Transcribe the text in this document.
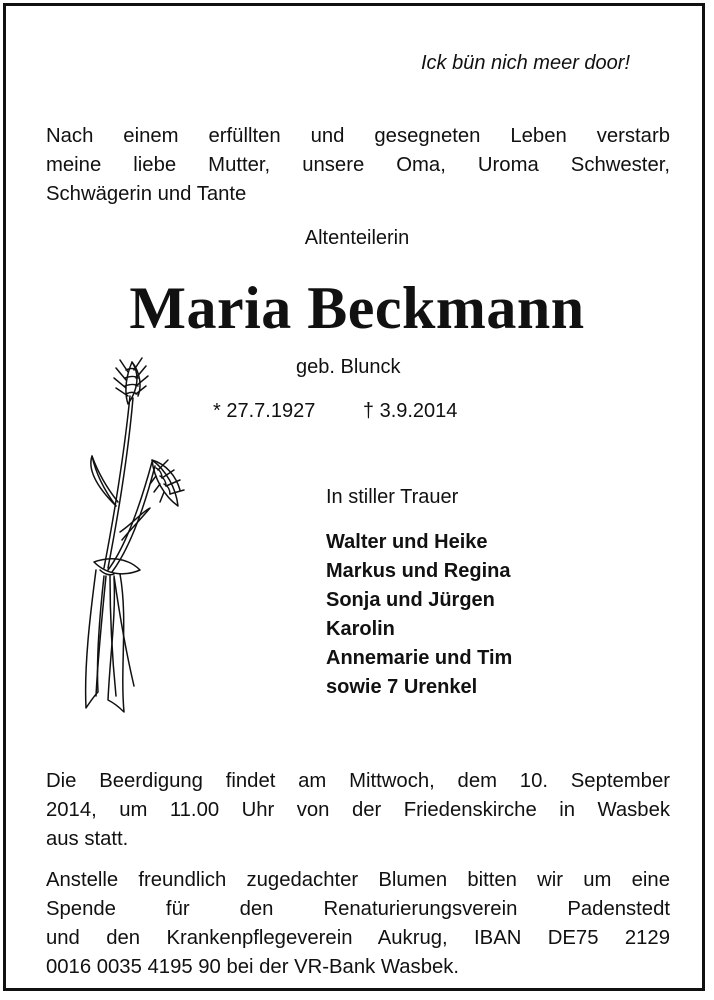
Ick bün nich meer door!

Nach einem erfüllten und gesegneten Leben verstarb
meine liebe Mutter, unsere Oma, Uroma Schwester,
Schwägerin und Tante

Altenteilerin
Maria Beckmann
geb. Blunck
* 27.7.1927 † 3.9.2014
In stiller Trauer
Walter und Heike
Markus und Regina
Sonja und Jürgen
Karolin
Annemarie und Tim
sowie 7 Urenkel

Die Beerdigung findet am Mittwoch, dem 10. September
2014, um 11.00 Uhr von der Friedenskirche in Wasbek
aus statt.

Anstelle freundlich zugedachter Blumen bitten wir um eine
Spende für den Renaturierungsverein Padenstedt
und den Krankenpflegeverein Aukrug, IBAN DE75 2129
0016 0035 4195 90 bei der VR-Bank Wasbek.
